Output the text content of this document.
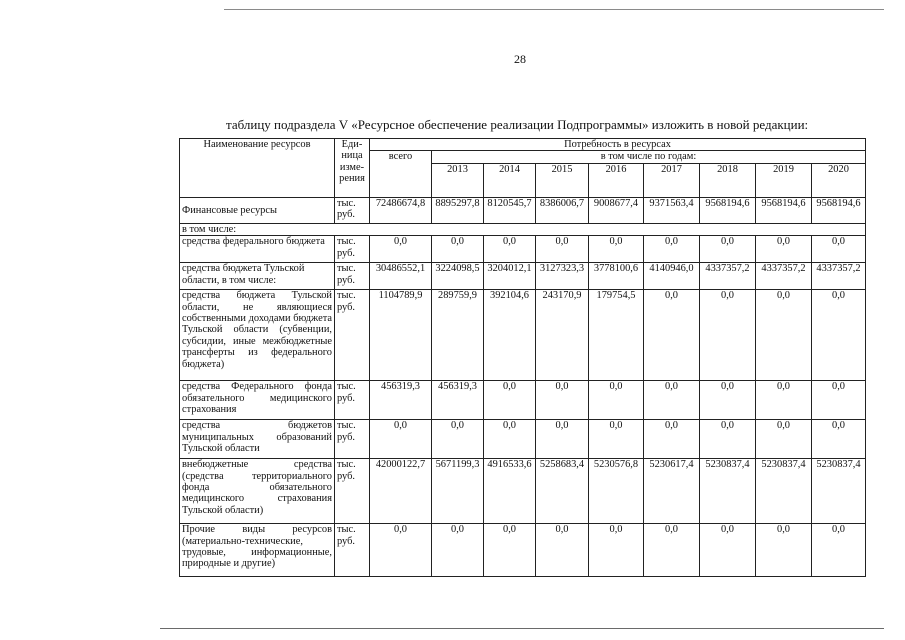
28
таблицу подраздела V «Ресурсное обеспечение реализации Подпрограммы» изложить в новой редакции:
Наименование ресурсов	Еди-
ница
изме-
рения	Потребность в ресурсах								
		всего	в том числе по годам:							
			2013	2014	2015	2016	2017	2018	2019	2020
Финансовые ресурсы	тыс. руб.	72486674,8	8895297,8	8120545,7	8386006,7	9008677,4	9371563,4	9568194,6	9568194,6	9568194,6
в том числе:										
средства федерального бюджета	тыс. руб.	0,0	0,0	0,0	0,0	0,0	0,0	0,0	0,0	0,0
средства бюджета Тульской области, в том числе:	тыс. руб.	30486552,1	3224098,5	3204012,1	3127323,3	3778100,6	4140946,0	4337357,2	4337357,2	4337357,2
средства бюджета Тульской области, не являющиеся собственными доходами бюджета Тульской области (субвенции, субсидии, иные межбюджетные трансферты из федерального бюджета)	тыс. руб.	1104789,9	289759,9	392104,6	243170,9	179754,5	0,0	0,0	0,0	0,0
средства Федерального фонда обязательного медицинского страхования	тыс. руб.	456319,3	456319,3	0,0	0,0	0,0	0,0	0,0	0,0	0,0
средства бюджетов муниципальных образований Тульской области	тыс. руб.	0,0	0,0	0,0	0,0	0,0	0,0	0,0	0,0	0,0
внебюджетные средства (средства территориального фонда обязательного медицинского страхования Тульской области)	тыс. руб.	42000122,7	5671199,3	4916533,6	5258683,4	5230576,8	5230617,4	5230837,4	5230837,4	5230837,4
Прочие виды ресурсов (материально-технические, трудовые, информационные, природные и другие)	тыс. руб.	0,0	0,0	0,0	0,0	0,0	0,0	0,0	0,0	0,0
